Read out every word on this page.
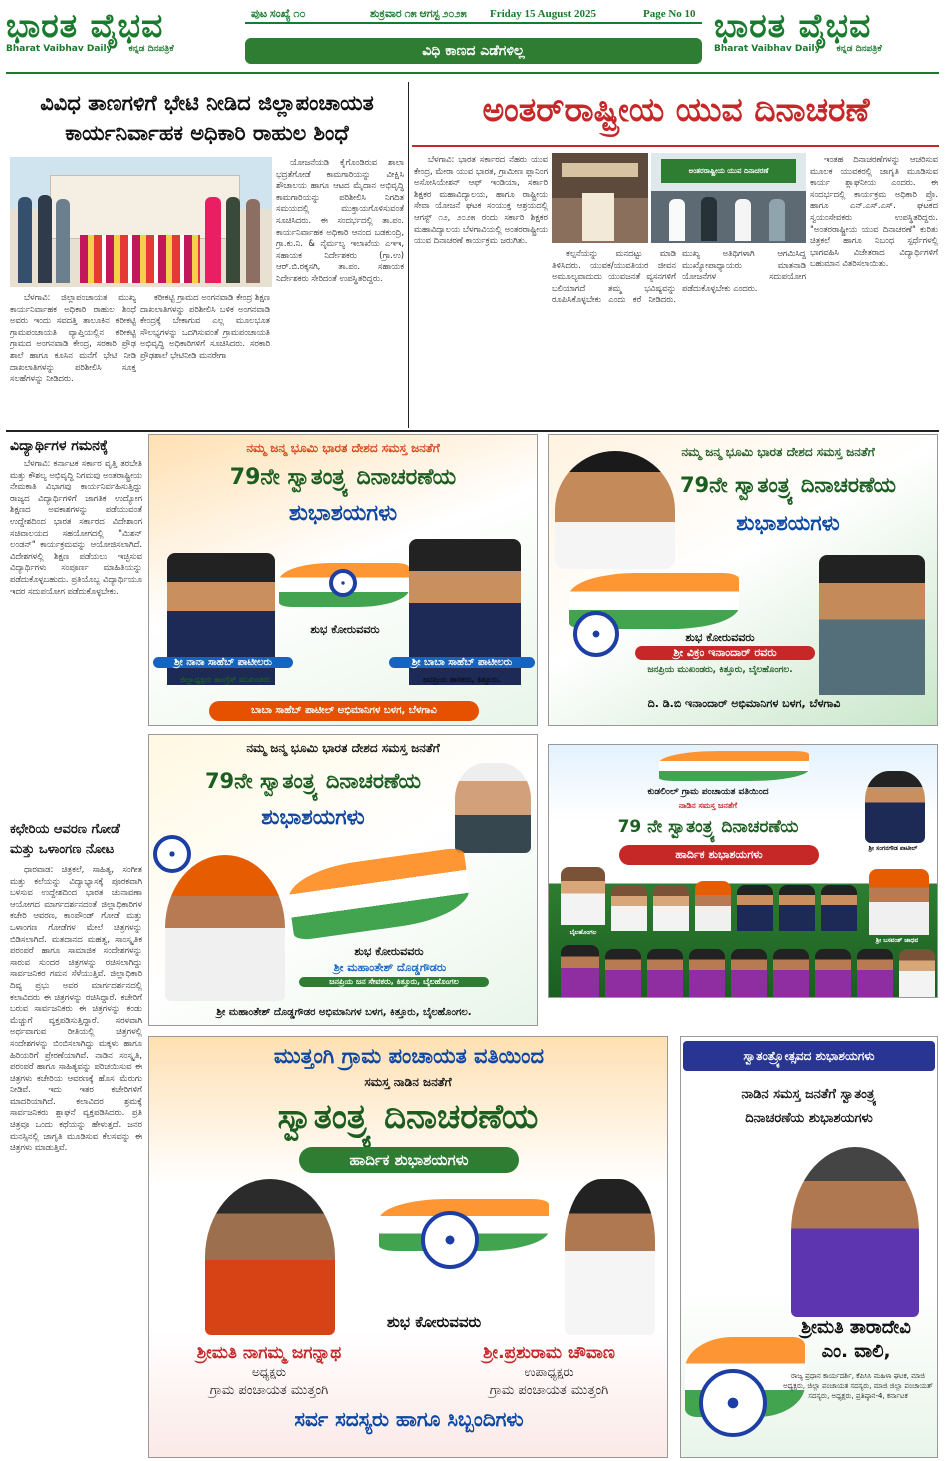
ಭಾರತ ವೈಭವ
Bharat Vaibhav Daily ಕನ್ನಡ ದಿನಪತ್ರಿಕೆ
ಭಾರತ ವೈಭವ
Bharat Vaibhav Daily ಕನ್ನಡ ದಿನಪತ್ರಿಕೆ
ಪುಟ ಸಂಖ್ಯೆ ೧೦	ಶುಕ್ರವಾರ ೧೫ ಆಗಸ್ಟ ೨೦೨೫ Friday 15 August 2025	Page No 10
ವಿಧಿ ಕಾಣದ ಎಡೆಗಳಿಲ್ಲ
ವಿವಿಧ ತಾಣಗಳಿಗೆ ಭೇಟಿ ನೀಡಿದ ಜಿಲ್ಲಾಪಂಚಾಯತ ಕಾರ್ಯನಿರ್ವಾಹಕ ಅಧಿಕಾರಿ ರಾಹುಲ ಶಿಂಧೆ

ಬೆಳಗಾವಿ: ಜಿಲ್ಲಾಪಂಚಾಯತ ಮುಖ್ಯ ಕಾರ್ಯನಿರ್ವಾಹಕ ಅಧಿಕಾರಿ ರಾಹುಲ ಶಿಂಧೆ ಅವರು ಇಂದು ಸವದತ್ತಿ ತಾಲೂಕಿನ ಕರೀಕಟ್ಟಿ ಗ್ರಾಮಪಂಚಾಯತಿ ವ್ಯಾಪ್ತಿಯಲ್ಲಿನ ಕರೀಕಟ್ಟಿ ಗ್ರಾಮದ ಅಂಗನವಾಡಿ ಕೇಂದ್ರ, ಸರಕಾರಿ ಪ್ರೌಢ ಶಾಲೆ ಹಾಗೂ ಕೂಸಿನ ಮನೆಗೆ ಭೇಟಿ ನೀಡಿ ದಾಖಲಾತಿಗಳನ್ನು ಪರಿಶೀಲಿಸಿ ಸೂಕ್ತ ಸಲಹೆಗಳನ್ನು ನೀಡಿದರು.

ಕರೀಕಟ್ಟಿ ಗ್ರಾಮದ ಅಂಗನವಾಡಿ ಕೇಂದ್ರ ಶಿಕ್ಷಣ ದಾಖಲಾತಿಗಳನ್ನು ಪರಿಶೀಲಿಸಿ ಬಳಿಕ ಅಂಗನವಾಡಿ ಕೇಂದ್ರಕ್ಕೆ ಬೇಕಾಗುವ ಎಲ್ಲ ಮೂಲಭೂತ ಸೌಲಭ್ಯಗಳನ್ನು ಒದಗಿಸುವಂತೆ ಗ್ರಾಮಪಂಚಾಯತಿ ಅಭಿವೃದ್ಧಿ ಅಧಿಕಾರಿಗಳಿಗೆ ಸೂಚಿಸಿದರು. ಸರಕಾರಿ ಪ್ರೌಢಶಾಲೆ ಭೇಟಿನೀಡಿ ಮನರೇಗಾ

ಯೋಜನೆಯಡಿ ಕೈಗೊಂಡಿರುವ ಶಾಲಾ ಭದ್ರತೆಗೋಡೆ ಕಾಮಗಾರಿಯನ್ನು ವೀಕ್ಷಿಸಿ ಶೌಚಾಲಯ ಹಾಗೂ ಆಟದ ಮೈದಾನ ಅಭಿವೃದ್ಧಿ ಕಾಮಗಾರಿಯನ್ನು ಪರಿಶೀಲಿಸಿ ನಿಗದಿತ ಸಮಯದಲ್ಲಿ ಮುಕ್ತಾಯಗೊಳಿಸುವಂತೆ ಸೂಚಿಸಿದರು. ಈ ಸಂದರ್ಭದಲ್ಲಿ ತಾ.ಪಂ. ಕಾರ್ಯನಿರ್ವಾಹಕ ಅಧಿಕಾರಿ ಆನಂದ ಬಡಕುಂದ್ರಿ, ಗ್ರಾ.ಕು.ನಿ. & ನೈರ್ಮಲ್ಯ ಇಲಾಖೆಯ ಎಇಇ, ಸಹಾಯಕ ನಿರ್ದೇಶಕರು (ಗ್ರಾ.ಉ) ಆರ್.ಬಿ.ರಕ್ಕಸಗಿ, ತಾ.ಪಂ. ಸಹಾಯಕ ನಿರ್ದೇಶಕರು ಸೇರಿದಂತೆ ಉಪಸ್ಥಿತರಿದ್ದರು.

ಅಂತರ್‌ರಾಷ್ಟ್ರೀಯ ಯುವ ದಿನಾಚರಣೆ

ಬೆಳಗಾವಿ: ಭಾರತ ಸರ್ಕಾರದ ನೆಹರು ಯುವ ಕೇಂದ್ರ, ಮೇರಾ ಯುವ ಭಾರತ, ಗ್ರಾಮೀಣ ಪ್ಲಾನಿಂಗ ಅಸೋಸಿಯೇಶನ್ ಆಫ್ ಇಂಡಿಯಾ, ಸರ್ಕಾರಿ ಶಿಕ್ಷಕರ ಮಹಾವಿದ್ಯಾಲಯ, ಹಾಗೂ ರಾಷ್ಟ್ರೀಯ ಸೇವಾ ಯೋಜನೆ ಘಟಕ ಸಂಯುಕ್ತ ಆಶ್ರಯದಲ್ಲಿ ಆಗಸ್ಟ್ ೧೨, ೨೦೨೫ ರಂದು ಸರ್ಕಾರಿ ಶಿಕ್ಷಕರ ಮಹಾವಿದ್ಯಾಲಯ ಬೆಳಗಾವಿಯಲ್ಲಿ ಅಂತರರಾಷ್ಟ್ರೀಯ ಯುವ ದಿನಾಚರಣೆ ಕಾರ್ಯಕ್ರಮ ಜರುಗಿತು.

ಅಂತರರಾಷ್ಟ್ರೀಯ ಯುವ ದಿನಾಚರಣೆ

ಕಲ್ಪನೆಯನ್ನು ಮನದಟ್ಟು ಮಾಡಿ ತಿಳಿಸಿದರು. ಯುವಕ/ಯುವತಿಯರ ಜೀವನ ಅಮೂಲ್ಯವಾದುದು ಯುವಜನತೆ ವ್ಯಸನಗಳಿಗೆ ಬಲಿಯಾಗದೆ ತಮ್ಮ ಭವಿಷ್ಯವನ್ನು ರೂಪಿಸಿಕೊಳ್ಳಬೇಕು ಎಂದು ಕರೆ ನೀಡಿದರು. ಮುಖ್ಯ ಅತಿಥಿಗಳಾಗಿ ಆಗಮಿಸಿದ್ದ ಮುಖ್ಯೋಪಾಧ್ಯಾಯರು ಮಾತನಾಡಿ ಯೋಜನೆಗಳ ಸದುಪಯೋಗ ಪಡೆದುಕೊಳ್ಳಬೇಕು ಎಂದರು.

ಇಂತಹ ದಿನಾಚರಣೆಗಳನ್ನು ಆಚರಿಸುವ ಮೂಲಕ ಯುವಕರಲ್ಲಿ ಜಾಗೃತಿ ಮೂಡಿಸುವ ಕಾರ್ಯ ಶ್ಲಾಘನೀಯ ಎಂದರು. ಈ ಸಂದರ್ಭದಲ್ಲಿ ಕಾರ್ಯಕ್ರಮ ಅಧಿಕಾರಿ ಪ್ರೊ. ಹಾಗೂ ಎನ್.ಎಸ್.ಎಸ್. ಘಟಕದ ಸ್ವಯಂಸೇವಕರು ಉಪಸ್ಥಿತರಿದ್ದರು. "ಅಂತರರಾಷ್ಟ್ರೀಯ ಯುವ ದಿನಾಚರಣೆ" ಕುರಿತು ಚಿತ್ರಕಲೆ ಹಾಗೂ ನಿಬಂಧ ಸ್ಪರ್ಧೆಗಳಲ್ಲಿ ಭಾಗವಹಿಸಿ ವಿಜೇತರಾದ ವಿದ್ಯಾರ್ಥಿಗಳಿಗೆ ಬಹುಮಾನ ವಿತರಿಸಲಾಯಿತು.

ವಿದ್ಯಾರ್ಥಿಗಳ ಗಮನಕ್ಕೆ

ಬೆಳಗಾವಿ: ಕರ್ನಾಟಕ ಸರ್ಕಾರ ವೃತ್ತಿ ತರಬೇತಿ ಮತ್ತು ಕೌಶಲ್ಯ ಅಭಿವೃದ್ಧಿ ನಿಗಮವು ಅಂತರಾಷ್ಟ್ರೀಯ ನೇಮಕಾತಿ ವಿಭಾಗವು ಕಾರ್ಯನಿರ್ವಹಿಸುತ್ತಿದ್ದು ರಾಜ್ಯದ ವಿದ್ಯಾರ್ಥಿಗಳಿಗೆ ಜಾಗತಿಕ ಉದ್ಯೋಗ ಶಿಕ್ಷಣದ ಅವಕಾಶಗಳನ್ನು ಪಡೆಯುವಂತೆ ಉದ್ದೇಶದಿಂದ ಭಾರತ ಸರ್ಕಾರದ ವಿದೇಶಾಂಗ ಸಚಿವಾಲಯದ ಸಹಯೋಗದಲ್ಲಿ "ಮಿಶನ್ ಲಂಡನ್" ಕಾರ್ಯಕ್ರಮವನ್ನು ಆಯೋಜಿಸಲಾಗಿದೆ. ವಿದೇಶಗಳಲ್ಲಿ ಶಿಕ್ಷಣ ಪಡೆಯಲು ಇಚ್ಛಿಸುವ ವಿದ್ಯಾರ್ಥಿಗಳು ಸಂಪೂರ್ಣ ಮಾಹಿತಿಯನ್ನು ಪಡೆದುಕೊಳ್ಳಬಹುದು. ಪ್ರತಿಯೊಬ್ಬ ವಿದ್ಯಾರ್ಥಿಯೂ ಇದರ ಸದುಪಯೋಗ ಪಡೆದುಕೊಳ್ಳಬೇಕು.

ಕಛೇರಿಯ ಆವರಣ ಗೋಡೆ ಮತ್ತು ಒಳಾಂಗಣ ನೋಟ

ಧಾರವಾಡ: ಚಿತ್ರಕಲೆ, ಸಾಹಿತ್ಯ, ಸಂಗೀತ ಮತ್ತು ಕಲೆಯನ್ನು ವಿದ್ಯಾಭ್ಯಾಸಕ್ಕೆ ಪೂರಕವಾಗಿ ಬಳಸುವ ಉದ್ದೇಶದಿಂದ ಭಾರತ ಚುನಾವಣಾ ಆಯೋಗದ ಮಾರ್ಗದರ್ಶನದಂತೆ ಜಿಲ್ಲಾಧಿಕಾರಿಗಳ ಕಚೇರಿ ಆವರಣ, ಕಾಂಪೌಂಡ್ ಗೋಡೆ ಮತ್ತು ಒಳಾಂಗಣ ಗೋಡೆಗಳ ಮೇಲೆ ಚಿತ್ರಗಳನ್ನು ಬಿಡಿಸಲಾಗಿದೆ. ಮತದಾನದ ಮಹತ್ವ, ಸಾಂಸ್ಕೃತಿಕ ಪರಂಪರೆ ಹಾಗೂ ಸಾಮಾಜಿಕ ಸಂದೇಶಗಳನ್ನು ಸಾರುವ ಸುಂದರ ಚಿತ್ರಗಳನ್ನು ರಚಿಸಲಾಗಿದ್ದು ಸಾರ್ವಜನಿಕರ ಗಮನ ಸೆಳೆಯುತ್ತಿವೆ. ಜಿಲ್ಲಾಧಿಕಾರಿ ದಿವ್ಯ ಪ್ರಭು ಅವರ ಮಾರ್ಗದರ್ಶನದಲ್ಲಿ ಕಲಾವಿದರು ಈ ಚಿತ್ರಗಳನ್ನು ರಚಿಸಿದ್ದಾರೆ. ಕಚೇರಿಗೆ ಬರುವ ಸಾರ್ವಜನಿಕರು ಈ ಚಿತ್ರಗಳನ್ನು ಕಂಡು ಮೆಚ್ಚುಗೆ ವ್ಯಕ್ತಪಡಿಸುತ್ತಿದ್ದಾರೆ. ಸರಳವಾಗಿ ಅರ್ಥವಾಗುವ ರೀತಿಯಲ್ಲಿ ಚಿತ್ರಗಳಲ್ಲಿ ಸಂದೇಶಗಳನ್ನು ಬಿಂಬಿಸಲಾಗಿದ್ದು ಮಕ್ಕಳು ಹಾಗೂ ಹಿರಿಯರಿಗೆ ಪ್ರೇರಣೆಯಾಗಿವೆ. ನಾಡಿನ ಸಂಸ್ಕೃತಿ, ಪರಂಪರೆ ಹಾಗೂ ಸಾಹಿತ್ಯವನ್ನು ಪರಿಚಯಿಸುವ ಈ ಚಿತ್ರಗಳು ಕಚೇರಿಯ ಆವರಣಕ್ಕೆ ಹೊಸ ಮೆರುಗು ನೀಡಿವೆ. ಇದು ಇತರ ಕಚೇರಿಗಳಿಗೆ ಮಾದರಿಯಾಗಿದೆ. ಕಲಾವಿದರ ಶ್ರಮಕ್ಕೆ ಸಾರ್ವಜನಿಕರು ಶ್ಲಾಘನೆ ವ್ಯಕ್ತಪಡಿಸಿದರು. ಪ್ರತಿ ಚಿತ್ರವೂ ಒಂದು ಕಥೆಯನ್ನು ಹೇಳುತ್ತದೆ. ಜನರ ಮನಸ್ಸಿನಲ್ಲಿ ಜಾಗೃತಿ ಮೂಡಿಸುವ ಕೆಲಸವನ್ನು ಈ ಚಿತ್ರಗಳು ಮಾಡುತ್ತಿವೆ.

ನಮ್ಮ ಜನ್ಮ ಭೂಮಿ ಭಾರತ ದೇಶದ ಸಮಸ್ತ ಜನತೆಗೆ
79ನೇ ಸ್ವಾತಂತ್ರ್ಯ ದಿನಾಚರಣೆಯ
ಶುಭಾಶಯಗಳು
ಶುಭ ಕೋರುವವರು
ಶ್ರೀ ನಾನಾ ಸಾಹೆಬ್ ಪಾಟೀಲರು
ಜಿಲ್ಲಾಧ್ಯಕ್ಷರು ಕಾಂಗ್ರೆಸ್ ಮುಖಂಡರು
ಶ್ರೀ ಬಾಬಾ ಸಾಹೆಬ್ ಪಾಟೀಲರು
ಜನಪ್ರಿಯ ಶಾಸಕರು, ಕಿತ್ತೂರು.
ಬಾಬಾ ಸಾಹೆಬ್ ಪಾಟೀಲ್ ಅಭಿಮಾನಿಗಳ ಬಳಗ, ಬೆಳಗಾವಿ
ನಮ್ಮ ಜನ್ಮ ಭೂಮಿ ಭಾರತ ದೇಶದ ಸಮಸ್ತ ಜನತೆಗೆ
79ನೇ ಸ್ವಾತಂತ್ರ್ಯ ದಿನಾಚರಣೆಯ
ಶುಭಾಶಯಗಳು
ಶುಭ ಕೋರುವವರು
ಶ್ರೀ ವಿಕ್ರಂ ಇನಾಂದಾರ್ ರವರು
ಜನಪ್ರಿಯ ಮುಖಂಡರು, ಕಿತ್ತೂರು, ಬೈಲಹೊಂಗಲ.
ದಿ. ಡಿ.ಬಿ ಇನಾಂದಾರ್ ಅಭಿಮಾನಿಗಳ ಬಳಗ, ಬೆಳಗಾವಿ
ನಮ್ಮ ಜನ್ಮ ಭೂಮಿ ಭಾರತ ದೇಶದ ಸಮಸ್ತ ಜನತೆಗೆ
79ನೇ ಸ್ವಾತಂತ್ರ್ಯ ದಿನಾಚರಣೆಯ
ಶುಭಾಶಯಗಳು
ಶುಭ ಕೋರುವವರು
ಶ್ರೀ ಮಹಾಂತೇಶ್ ದೊಡ್ಡಗೌಡರು
ಜನಪ್ರಿಯ ಜನ ಸೇವಕರು, ಕಿತ್ತೂರು, ಬೈಲಹೊಂಗಲ
ಶ್ರೀ ಮಹಾಂತೇಶ್ ದೊಡ್ಡಗೌಡರ ಅಭಿಮಾನಿಗಳ ಬಳಗ, ಕಿತ್ತೂರು, ಬೈಲಹೊಂಗಲ.
ಕುಡಲಿಂಲ್ ಗ್ರಾಮ ಪಂಚಾಯತ ವತಿಯಿಂದ
ನಾಡಿನ ಸಮಸ್ತ ಜನತೆಗೆ
79 ನೇ ಸ್ವಾತಂತ್ರ್ಯ ದಿನಾಚರಣೆಯ
ಹಾರ್ದಿಕ ಶುಭಾಶಯಗಳು	ಶ್ರೀ ಸಂಗನಗೌಡ ಪಾಟೀಲ್
ಬೈಲಹೊಂಗಲ
ಶ್ರೀ ಬಸವಂತ್ ಜಾಧವ
ಮುತ್ತಂಗಿ ಗ್ರಾಮ ಪಂಚಾಯತ ವತಿಯಿಂದ
ಸಮಸ್ತ ನಾಡಿನ ಜನತೆಗೆ
ಸ್ವಾತಂತ್ರ್ಯ ದಿನಾಚರಣೆಯ
ಹಾರ್ದಿಕ ಶುಭಾಶಯಗಳು
ಶುಭ ಕೋರುವವರು
ಶ್ರೀಮತಿ ನಾಗಮ್ಮ ಜಗನ್ನಾಥ
ಅಧ್ಯಕ್ಷರು
ಗ್ರಾಮ ಪಂಚಾಯತ ಮುತ್ತಂಗಿ
ಶ್ರೀ.ಪ್ರಶುರಾಮ ಚೌವಾಣ
ಉಪಾಧ್ಯಕ್ಷರು
ಗ್ರಾಮ ಪಂಚಾಯತ ಮುತ್ತಂಗಿ
ಸರ್ವ ಸದಸ್ಯರು ಹಾಗೂ ಸಿಬ್ಬಂದಿಗಳು
ಸ್ವಾತಂತ್ರ್ಯೋತ್ಸವದ ಶುಭಾಶಯಗಳು
ನಾಡಿನ ಸಮಸ್ತ ಜನತೆಗೆ ಸ್ವಾತಂತ್ರ್ಯ
ದಿನಾಚರಣೆಯ ಶುಭಾಶಯಗಳು
ಶ್ರೀಮತಿ ತಾರಾದೇವಿ
ಎಂ. ವಾಲಿ,
ರಾಜ್ಯ ಪ್ರಧಾನ ಕಾರ್ಯದರ್ಶಿ, ಕೆಪಿಸಿಸಿ ಮಹಿಳಾ ಘಟಕ, ಮಾಜಿ ಅಧ್ಯಕ್ಷರು, ಜಿಲ್ಲಾ ಪಂಚಾಯತ ಸದಸ್ಯರು, ಮಾಜಿ ಜಿಲ್ಲಾ ಪಂಚಾಯತ್ ಸದಸ್ಯರು, ಅಧ್ಯಕ್ಷರು, ಪ್ರತಿಷ್ಠಾನ-4, ಕರ್ನಾಟಕ
